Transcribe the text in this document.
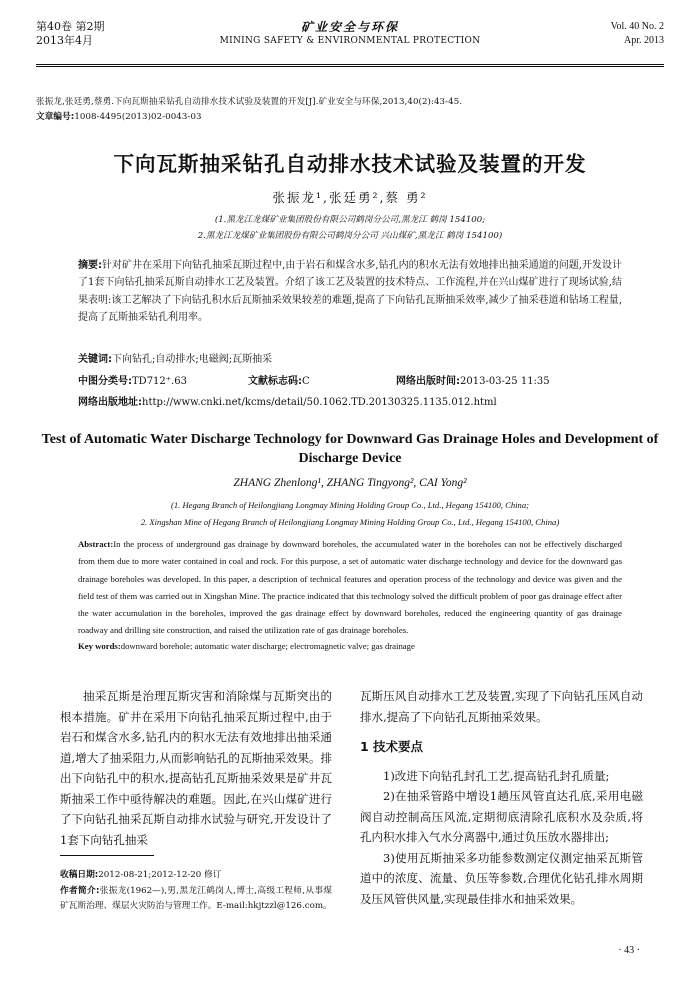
第40卷 第2期
2013年4月
矿业安全与环保
MINING SAFETY & ENVIRONMENTAL PROTECTION
Vol. 40 No. 2
Apr. 2013
张振龙,张廷勇,蔡勇.下向瓦斯抽采钻孔自动排水技术试验及装置的开发[J].矿业安全与环保,2013,40(2):43-45.
文章编号:1008-4495(2013)02-0043-03
下向瓦斯抽采钻孔自动排水技术试验及装置的开发
张振龙¹,张廷勇²,蔡 勇²
(1.黑龙江龙煤矿业集团股份有限公司鹤岗分公司,黑龙江 鹤岗 154100;
2.黑龙江龙煤矿业集团股份有限公司鹤岗分公司 兴山煤矿,黑龙江 鹤岗 154100)
摘要:针对矿井在采用下向钻孔抽采瓦斯过程中,由于岩石和煤含水多,钻孔内的积水无法有效地排出抽采通道的问题,开发设计了1套下向钻孔抽采瓦斯自动排水工艺及装置。介绍了该工艺及装置的技术特点、工作流程,并在兴山煤矿进行了现场试验,结果表明:该工艺解决了下向钻孔积水后瓦斯抽采效果较差的难题,提高了下向钻孔瓦斯抽采效率,减少了抽采巷道和钻场工程量,提高了瓦斯抽采钻孔利用率。
关键词:下向钻孔;自动排水;电磁阀;瓦斯抽采
中图分类号:TD712⁺.63	文献标志码:C	网络出版时间:2013-03-25 11:35
网络出版地址:http://www.cnki.net/kcms/detail/50.1062.TD.20130325.1135.012.html
Test of Automatic Water Discharge Technology for Downward Gas Drainage Holes and Development of Discharge Device
ZHANG Zhenlong¹, ZHANG Tingyong², CAI Yong²
(1. Hegang Branch of Heilongjiang Longmay Mining Holding Group Co., Ltd., Hegang 154100, China;
2. Xingshan Mine of Hegang Branch of Heilongjiang Longmay Mining Holding Group Co., Ltd., Hegang 154100, China)
Abstract:In the process of underground gas drainage by downward boreholes, the accumulated water in the boreholes can not be effectively discharged from them due to more water contained in coal and rock. For this purpose, a set of automatic water discharge technology and device for the downward gas drainage boreholes was developed. In this paper, a description of technical features and operation process of the technology and device was given and the field test of them was carried out in Xingshan Mine. The practice indicated that this technology solved the difficult problem of poor gas drainage effect after the water accumulation in the boreholes, improved the gas drainage effect by downward boreholes, reduced the engineering quantity of gas drainage roadway and drilling site construction, and raised the utilization rate of gas drainage boreholes.
Key words:downward borehole; automatic water discharge; electromagnetic valve; gas drainage

抽采瓦斯是治理瓦斯灾害和消除煤与瓦斯突出的根本措施。矿井在采用下向钻孔抽采瓦斯过程中,由于岩石和煤含水多,钻孔内的积水无法有效地排出抽采通道,增大了抽采阻力,从而影响钻孔的瓦斯抽采效果。排出下向钻孔中的积水,提高钻孔瓦斯抽采效果是矿井瓦斯抽采工作中亟待解决的难题。因此,在兴山煤矿进行了下向钻孔抽采瓦斯自动排水试验与研究,开发设计了1套下向钻孔抽采

瓦斯压风自动排水工艺及装置,实现了下向钻孔压风自动排水,提高了下向钻孔瓦斯抽采效果。

1 技术要点

1)改进下向钻孔封孔工艺,提高钻孔封孔质量;

2)在抽采管路中增设1趟压风管直达孔底,采用电磁阀自动控制高压风流,定期彻底清除孔底积水及杂质,将孔内积水排入气水分离器中,通过负压放水器排出;

3)使用瓦斯抽采多功能参数测定仪测定抽采瓦斯管道中的浓度、流量、负压等参数,合理优化钻孔排水周期及压风管供风量,实现最佳排水和抽采效果。

收稿日期:2012-08-21;2012-12-20 修订
作者简介:张振龙(1962—),男,黑龙江鹤岗人,博士,高级工程师,从事煤矿瓦斯治理、煤层火灾防治与管理工作。E-mail:hkjtzzl@126.com。
· 43 ·
